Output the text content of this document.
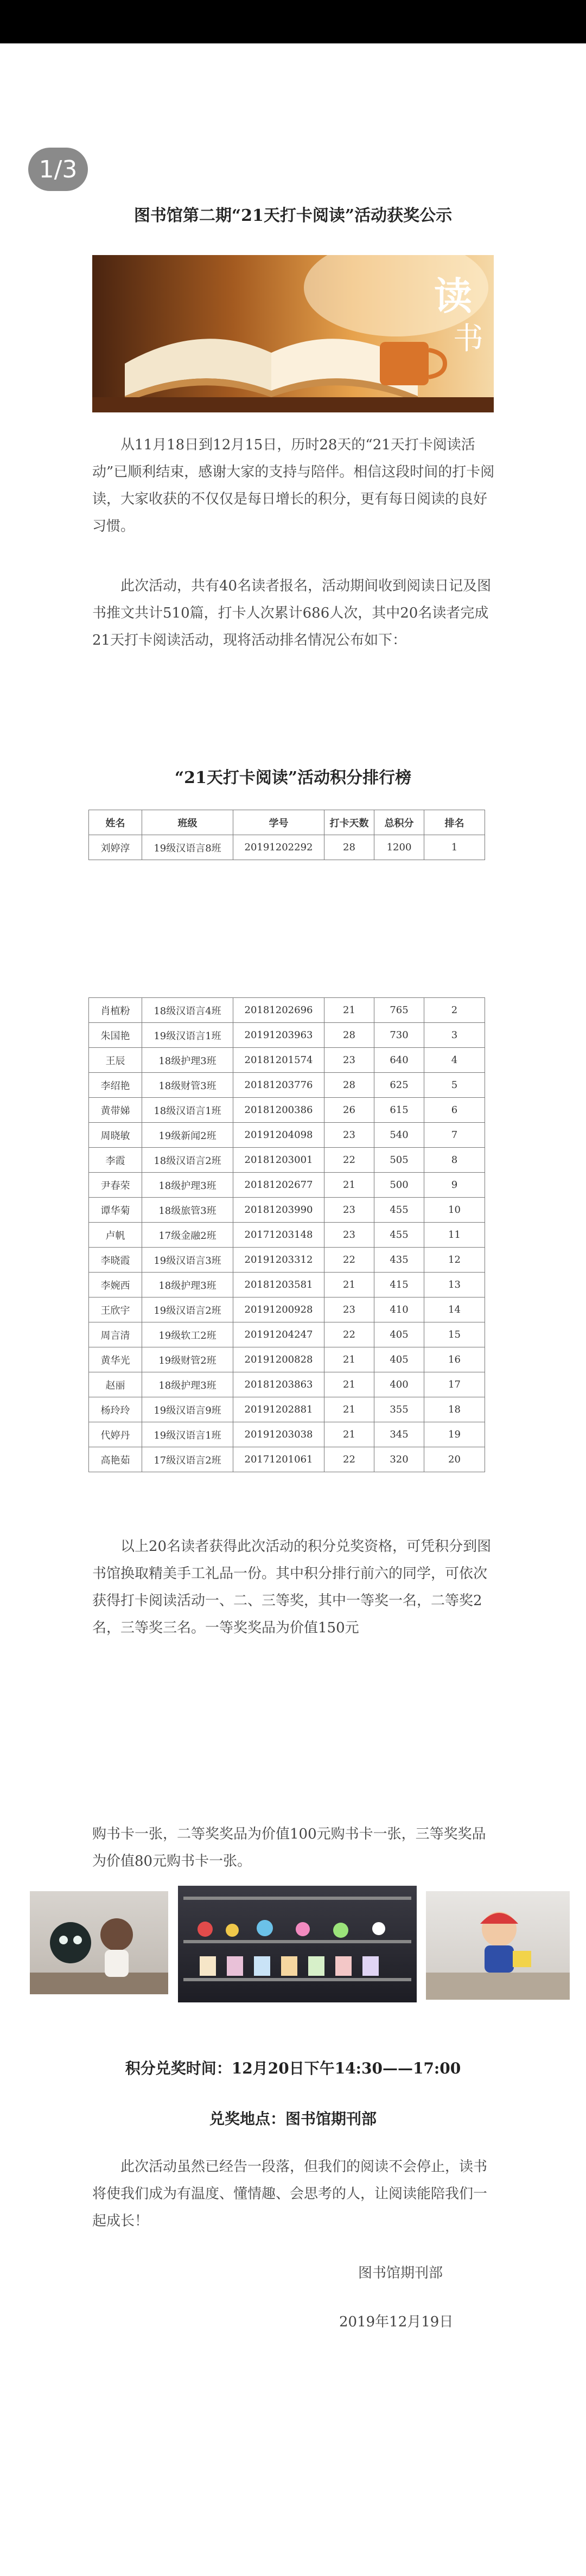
1/3
图书馆第二期“21天打卡阅读”活动获奖公示
读
书

从11月18日到12月15日，历时28天的“21天打卡阅读活动”已顺利结束，感谢大家的支持与陪伴。相信这段时间的打卡阅读，大家收获的不仅仅是每日增长的积分，更有每日阅读的良好习惯。

此次活动，共有40名读者报名，活动期间收到阅读日记及图书推文共计510篇，打卡人次累计686人次，其中20名读者完成21天打卡阅读活动，现将活动排名情况公布如下：

“21天打卡阅读”活动积分排行榜
姓名	班级	学号	打卡天数	总积分	排名
刘婷淳	19级汉语言8班	20191202292	28	1200	1
肖植粉	18级汉语言4班	20181202696	21	765	2
朱国艳	19级汉语言1班	20191203963	28	730	3
王辰	18级护理3班	20181201574	23	640	4
李绍艳	18级财管3班	20181203776	28	625	5
黄带娣	18级汉语言1班	20181200386	26	615	6
周晓敏	19级新闻2班	20191204098	23	540	7
李霞	18级汉语言2班	20181203001	22	505	8
尹春荣	18级护理3班	20181202677	21	500	9
谭华菊	18级旅管3班	20181203990	23	455	10
卢帆	17级金融2班	20171203148	23	455	11
李晓霞	19级汉语言3班	20191203312	22	435	12
李婉西	18级护理3班	20181203581	21	415	13
王欣宇	19级汉语言2班	20191200928	23	410	14
周言清	19级软工2班	20191204247	22	405	15
黄华光	19级财管2班	20191200828	21	405	16
赵丽	18级护理3班	20181203863	21	400	17
杨玲玲	19级汉语言9班	20191202881	21	355	18
代婷丹	19级汉语言1班	20191203038	21	345	19
高艳茹	17级汉语言2班	20171201061	22	320	20

以上20名读者获得此次活动的积分兑奖资格，可凭积分到图书馆换取精美手工礼品一份。其中积分排行前六的同学，可依次获得打卡阅读活动一、二、三等奖，其中一等奖一名，二等奖2名，三等奖三名。一等奖奖品为价值150元

购书卡一张，二等奖奖品为价值100元购书卡一张，三等奖奖品为价值80元购书卡一张。

积分兑奖时间：12月20日下午14:30——17:00
兑奖地点：图书馆期刊部

此次活动虽然已经告一段落，但我们的阅读不会停止，读书将使我们成为有温度、懂情趣、会思考的人，让阅读能陪我们一起成长！

图书馆期刊部
2019年12月19日
